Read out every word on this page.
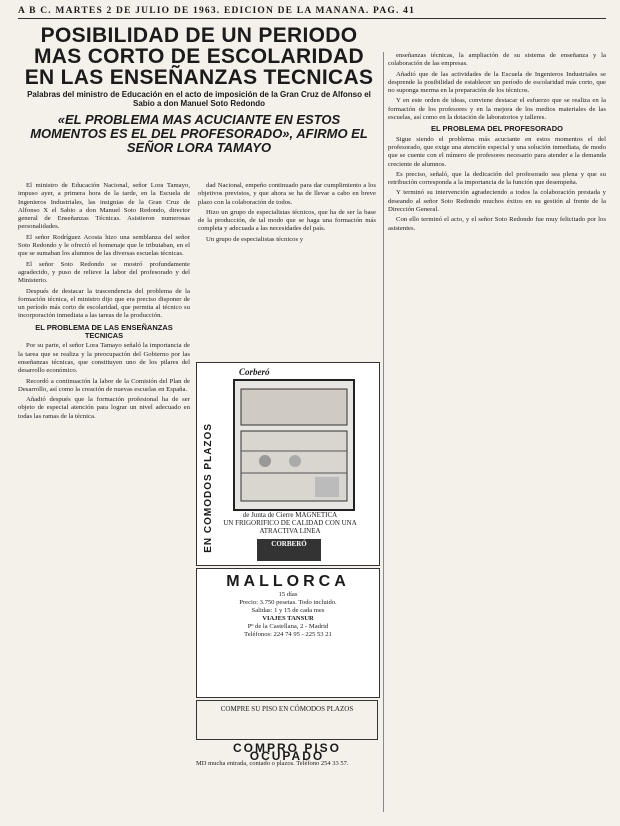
A B C. MARTES 2 DE JULIO DE 1963. EDICION DE LA MAÑANA. PAG. 41
POSIBILIDAD DE UN PERIODO MAS CORTO DE ESCOLARIDAD EN LAS ENSEÑANZAS TECNICAS
Palabras del ministro de Educación en el acto de imposición de la Gran Cruz de Alfonso el Sabio a don Manuel Soto Redondo
«EL PROBLEMA MAS ACUCIANTE EN ESTOS MOMENTOS ES EL DEL PROFESORADO», AFIRMO EL SEÑOR LORA TAMAYO

El ministro de Educación Nacional, señor Lora Tamayo, impuso ayer, a primera hora de la tarde, en la Escuela de Ingenieros Industriales, las insignias de la Gran Cruz de Alfonso X el Sabio a don Manuel Soto Redondo, director general de Enseñanzas Técnicas. Asistieron numerosas personalidades.

El señor Rodríguez Acosta hizo una semblanza del señor Soto Redondo y le ofreció el homenaje que le tributaban, en el que se sumaban los alumnos de las diversas escuelas técnicas.

El señor Soto Redondo se mostró profundamente agradecido, y puso de relieve la labor del profesorado y del Ministerio.

Después de destacar la trascendencia del problema de la formación técnica, el ministro dijo que era preciso disponer de un período más corto de escolaridad, que permita al técnico su incorporación inmediata a las tareas de la producción.

EL PROBLEMA DE LAS ENSEÑANZAS TECNICAS

Por su parte, el señor Lora Tamayo señaló la importancia de la tarea que se realiza y la preocupación del Gobierno por las enseñanzas técnicas, que constituyen uno de los pilares del desarrollo económico.

Recordó a continuación la labor de la Comisión del Plan de Desarrollo, así como la creación de nuevas escuelas en España.

Añadió después que la formación profesional ha de ser objeto de especial atención para lograr un nivel adecuado en todas las ramas de la técnica.

dad Nacional, empeño continuado para dar cumplimiento a los objetivos previstos, y que ahora se ha de llevar a cabo en breve plazo con la colaboración de todos.

Hizo un grupo de especialistas técnicos, que ha de ser la base de la producción, de tal modo que se haga una formación más completa y adecuada a las necesidades del país.

Un grupo de especialistas técnicos y

Corberó
EN COMODOS PLAZOS	de Junta de Cierre MAGNETICA
UN FRIGORIFICO DE CALIDAD CON UNA ATRACTIVA LINEA
CORBERÓ
MALLORCA
15 días
Precio: 3.750 pesetas. Todo incluido.
Salidas: 1 y 15 de cada mes
VIAJES TANSUR
Pº de la Castellana, 2 - Madrid
Teléfonos: 224 74 95 - 225 53 21
COMPRE SU PISO EN CÓMODOS PLAZOS
COMPRO PISO OCUPADO
MD mucha entrada, contado o plazos. Teléfono 254 33 57.

enseñanzas técnicas, la ampliación de su sistema de enseñanza y la colaboración de las empresas.

Añadió que de las actividades de la Escuela de Ingenieros Industriales se desprende la posibilidad de establecer un período de escolaridad más corto, que no suponga merma en la preparación de los técnicos.

Y en este orden de ideas, conviene destacar el esfuerzo que se realiza en la formación de los profesores y en la mejora de los medios materiales de las escuelas, así como en la dotación de laboratorios y talleres.

EL PROBLEMA DEL PROFESORADO

Sigue siendo el problema más acuciante en estos momentos el del profesorado, que exige una atención especial y una solución inmediata, de modo que se cuente con el número de profesores necesario para atender a la demanda creciente de alumnos.

Es preciso, señaló, que la dedicación del profesorado sea plena y que su retribución corresponda a la importancia de la función que desempeña.

Y terminó su intervención agradeciendo a todos la colaboración prestada y deseando al señor Soto Redondo muchos éxitos en su gestión al frente de la Dirección General.

Con ello terminó el acto, y el señor Soto Redondo fue muy felicitado por los asistentes.
